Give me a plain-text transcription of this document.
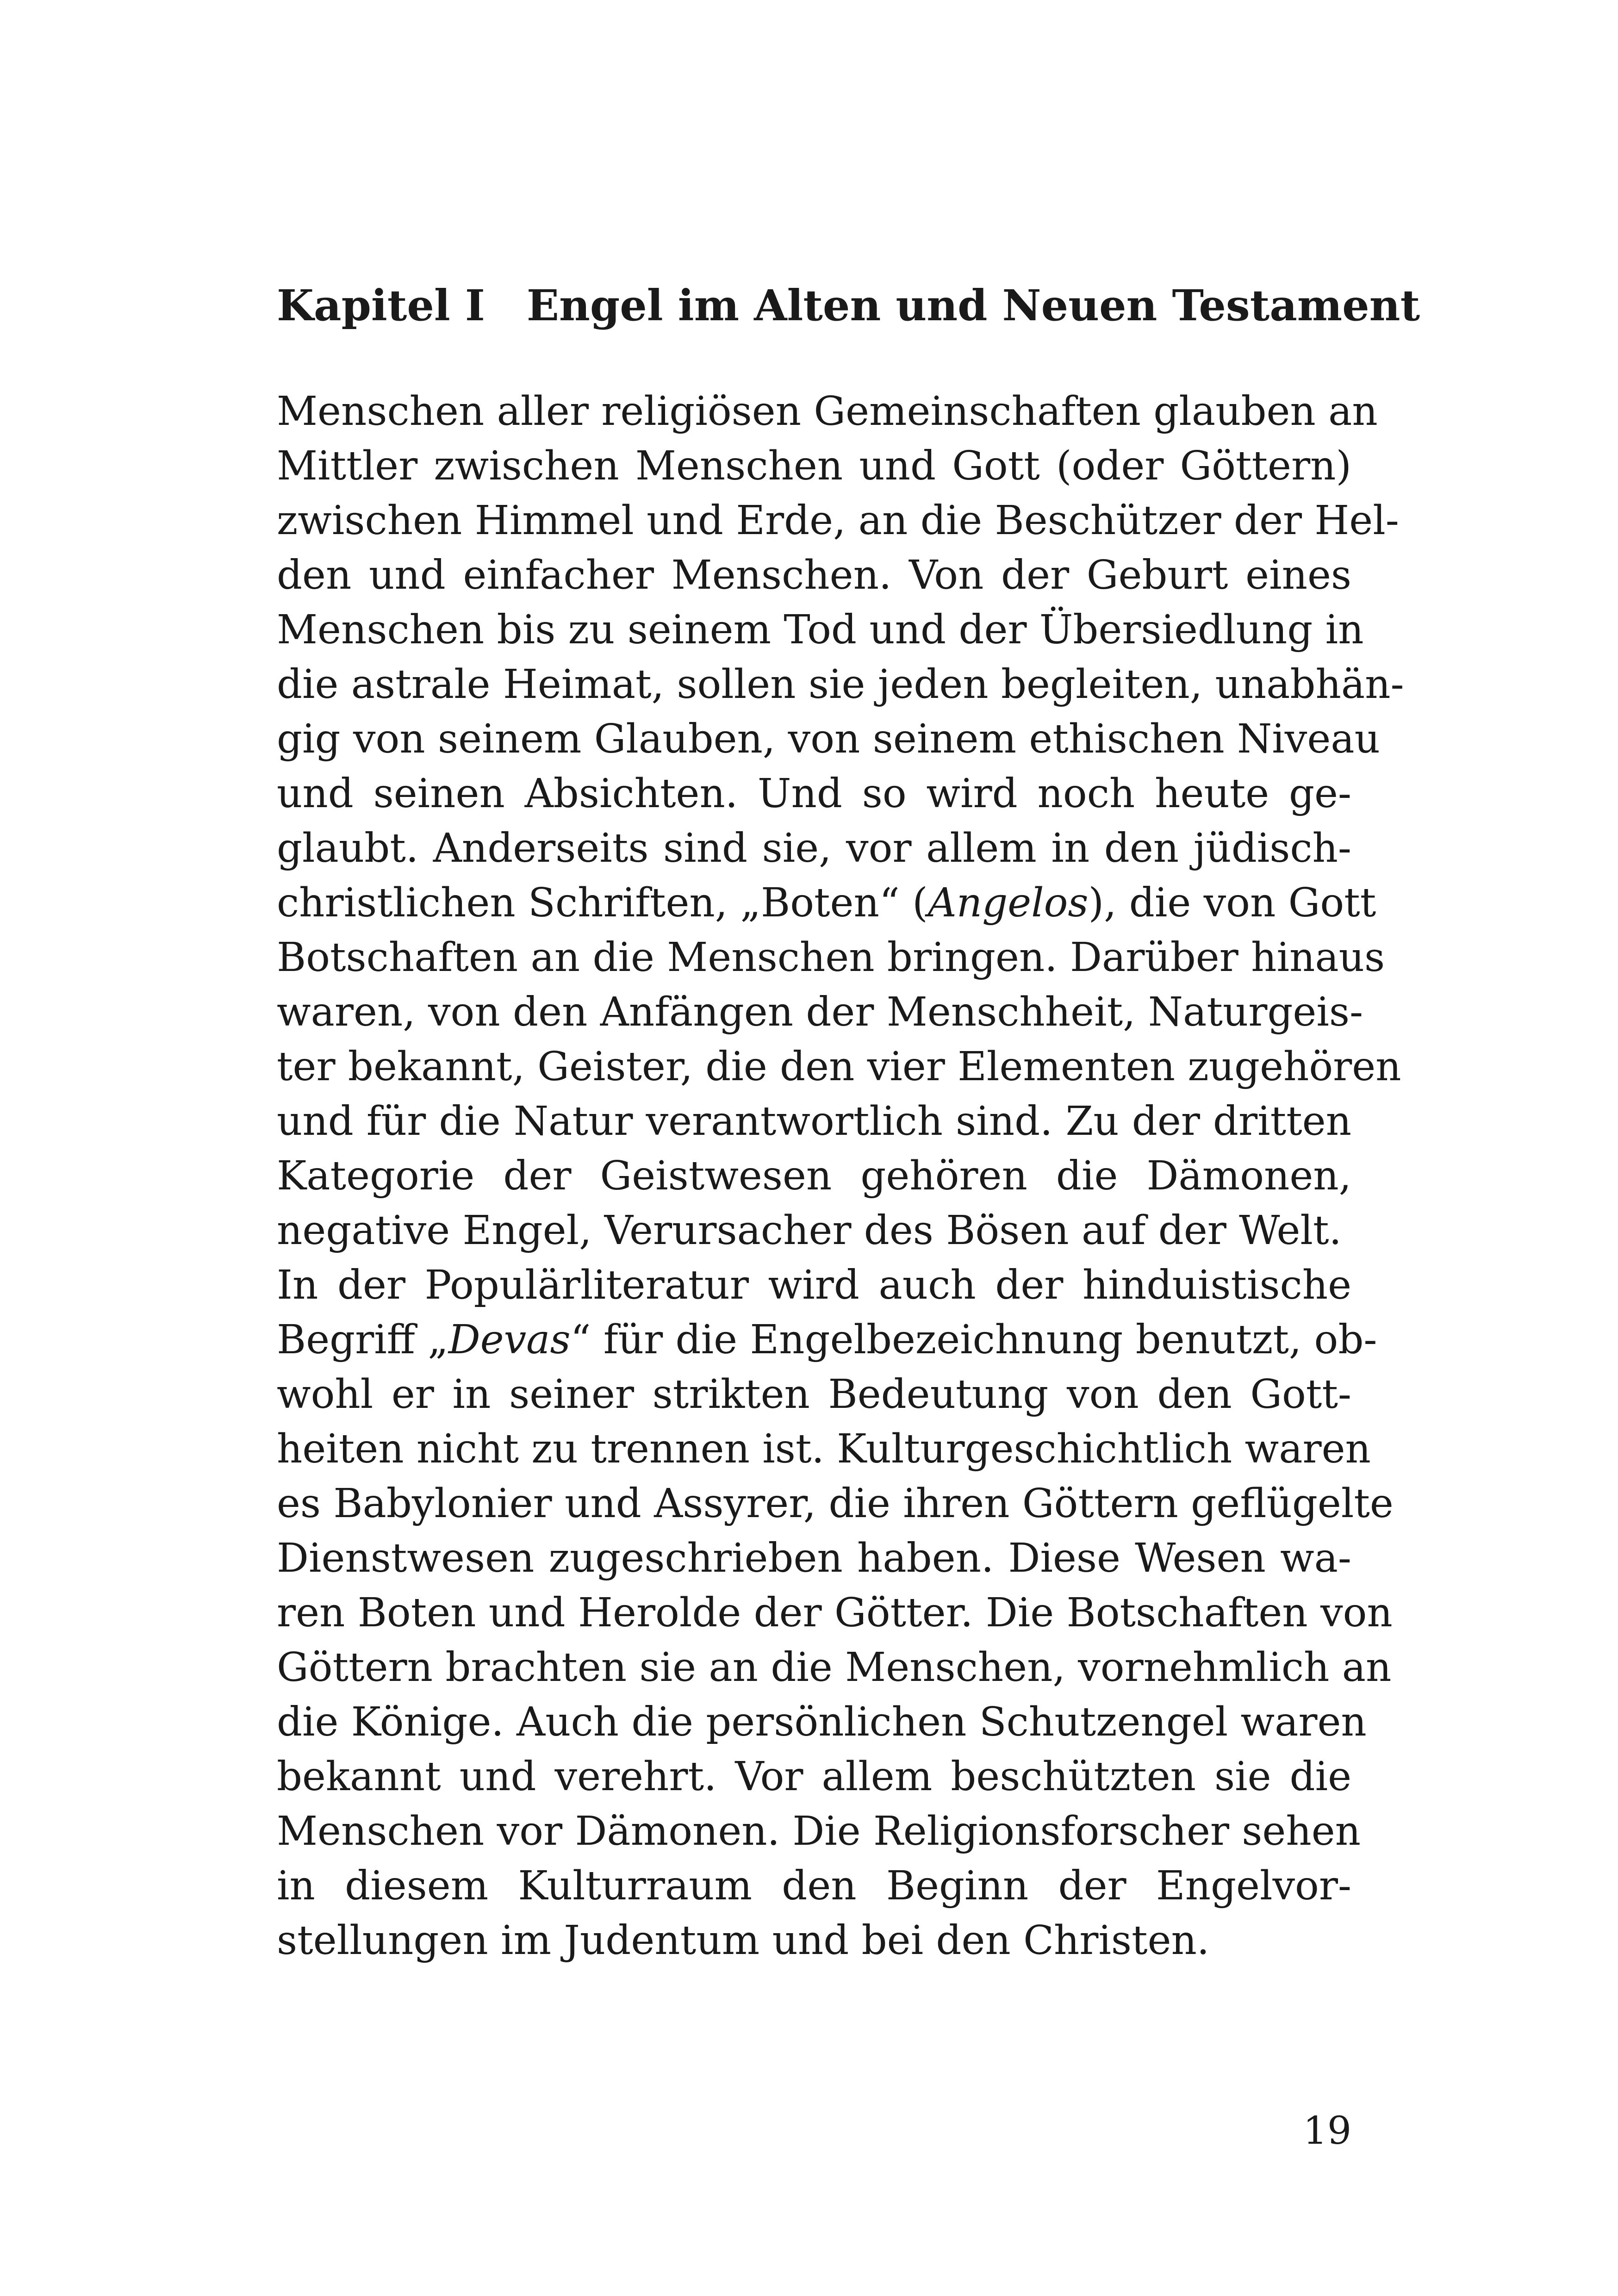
Kapitel I Engel im Alten und Neuen Testament
Menschen aller religiösen Gemeinschaften glauben an
Mittler zwischen Menschen und Gott (oder Göttern)
zwischen Himmel und Erde, an die Beschützer der Hel-
den und einfacher Menschen. Von der Geburt eines
Menschen bis zu seinem Tod und der Übersiedlung in
die astrale Heimat, sollen sie jeden begleiten, unabhän-
gig von seinem Glauben, von seinem ethischen Niveau
und seinen Absichten. Und so wird noch heute ge-
glaubt. Anderseits sind sie, vor allem in den jüdisch-
christlichen Schriften, „Boten“ (Angelos), die von Gott
Botschaften an die Menschen bringen. Darüber hinaus
waren, von den Anfängen der Menschheit, Naturgeis-
ter bekannt, Geister, die den vier Elementen zugehören
und für die Natur verantwortlich sind. Zu der dritten
Kategorie der Geistwesen gehören die Dämonen,
negative Engel, Verursacher des Bösen auf der Welt.
In der Populärliteratur wird auch der hinduistische
Begriff „Devas“ für die Engelbezeichnung benutzt, ob-
wohl er in seiner strikten Bedeutung von den Gott-
heiten nicht zu trennen ist. Kulturgeschichtlich waren
es Babylonier und Assyrer, die ihren Göttern geflügelte
Dienstwesen zugeschrieben haben. Diese Wesen wa-
ren Boten und Herolde der Götter. Die Botschaften von
Göttern brachten sie an die Menschen, vornehmlich an
die Könige. Auch die persönlichen Schutzengel waren
bekannt und verehrt. Vor allem beschützten sie die
Menschen vor Dämonen. Die Religionsforscher sehen
in diesem Kulturraum den Beginn der Engelvor-
stellungen im Judentum und bei den Christen.
19
